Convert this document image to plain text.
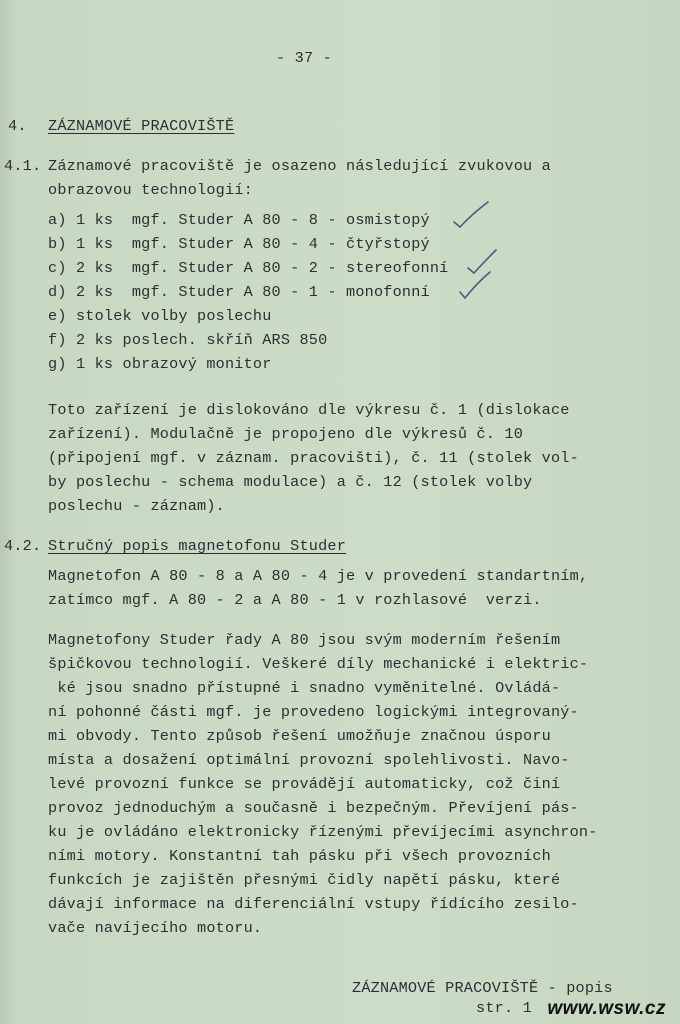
- 37 -
4. ZÁZNAMOVÉ PRACOVIŠTĚ
4.1. Záznamové pracoviště je osazeno následující zvukovou a
obrazovou technologií:
a) 1 ks  mgf. Studer A 80 - 8 - osmistopý
b) 1 ks  mgf. Studer A 80 - 4 - čtyřstopý
c) 2 ks  mgf. Studer A 80 - 2 - stereofonní
d) 2 ks  mgf. Studer A 80 - 1 - monofonní
e) stolek volby poslechu
f) 2 ks poslech. skříň ARS 850
g) 1 ks obrazový monitor
Toto zařízení je dislokováno dle výkresu č. 1 (dislokace
zařízení). Modulačně je propojeno dle výkresů č. 10
(připojení mgf. v záznam. pracovišti), č. 11 (stolek vol-
by poslechu - schema modulace) a č. 12 (stolek volby
poslechu - záznam).
4.2. Stručný popis magnetofonu Studer
Magnetofon A 80 - 8 a A 80 - 4 je v provedení standartním,
zatímco mgf. A 80 - 2 a A 80 - 1 v rozhlasové  verzi.
Magnetofony Studer řady A 80 jsou svým moderním řešením
špičkovou technologií. Veškeré díly mechanické i elektric-
ké jsou snadno přístupné i snadno vyměnitelné. Ovládá-
ní pohonné části mgf. je provedeno logickými integrovaný-
mi obvody. Tento způsob řešení umožňuje značnou úsporu
místa a dosažení optimální provozní spolehlivosti. Navo-
levé provozní funkce se provádějí automaticky, což činí
provoz jednoduchým a současně i bezpečným. Převíjení pás-
ku je ovládáno elektronicky řízenými převíjecími asynchron-
ními motory. Konstantní tah pásku při všech provozních
funkcích je zajištěn přesnými čidly napětí pásku, které
dávají informace na diferenciální vstupy řídícího zesilo-
vače navíjecího motoru.
ZÁZNAMOVÉ PRACOVIŠTĚ - popis
str. 1 www.wsw.cz
